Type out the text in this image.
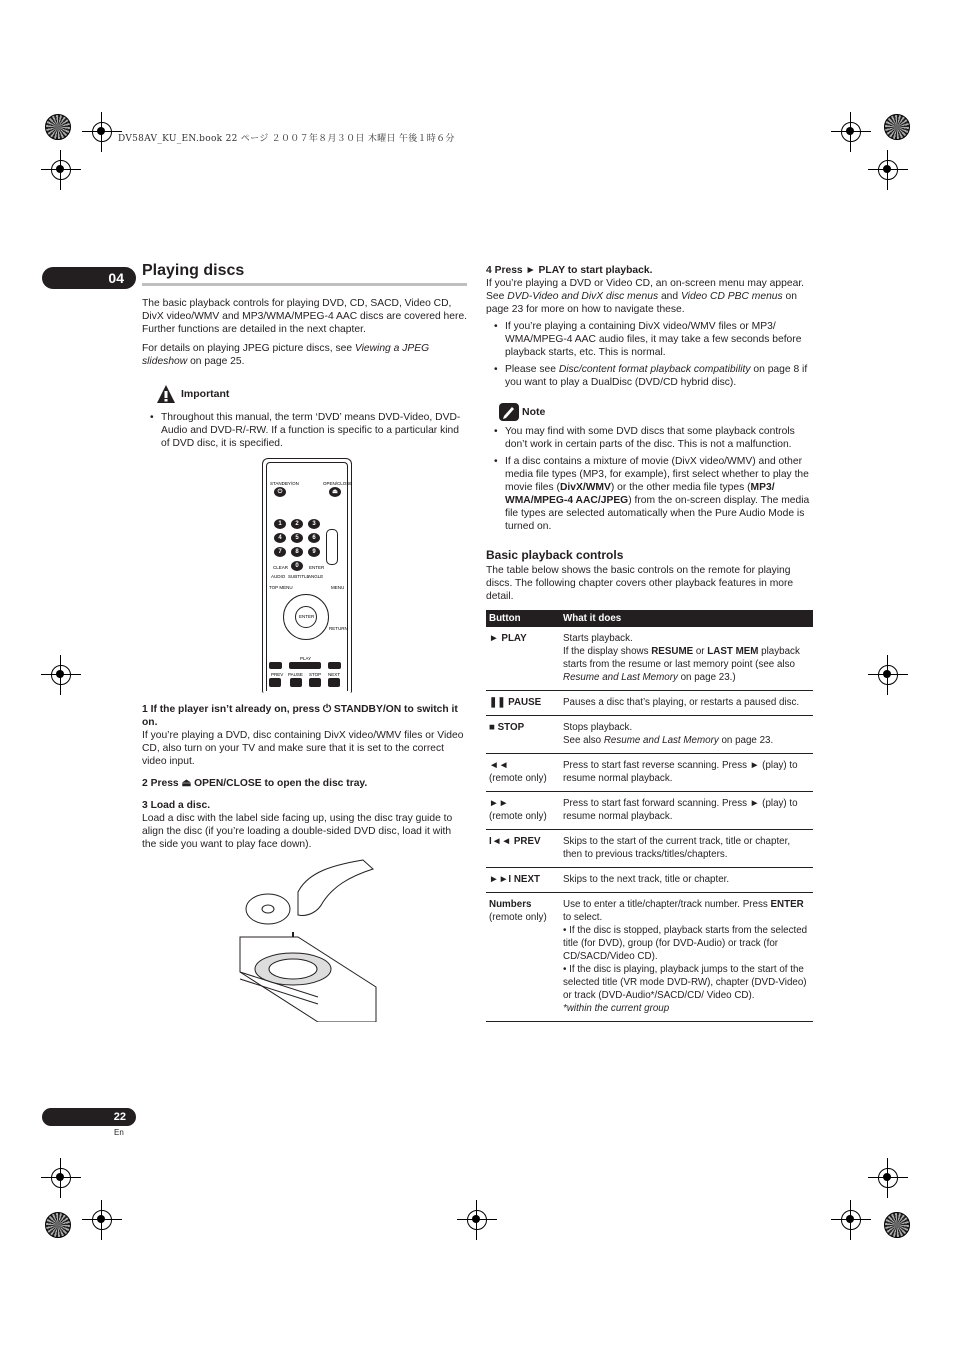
DV58AV_KU_EN.book 22 ページ ２００７年８月３０日 木曜日 午後１時６分
04	Playing discs

The basic playback controls for playing DVD, CD, SACD, Video CD, DivX video/WMV and MP3/WMA/MPEG-4 AAC discs are covered here. Further functions are detailed in the next chapter.

For details on playing JPEG picture discs, see Viewing a JPEG slideshow on page 25.

Important

• Throughout this manual, the term ‘DVD’ means DVD-Video, DVD-Audio and DVD-R/-RW. If a function is specific to a particular kind of DVD disc, it is specified.

STANDBY/ON	OPEN/CLOSE
⏻	⏏
1	2	3
4	5	6
7	8	9
0
CLEAR	ENTER
AUDIO SUBTITLE
ANGLE
TOP MENU	MENU
ENTER
RETURN
PLAY
PREV PAUSE STOP NEXT

1 If the player isn’t already on, press ⏻ STANDBY/ON to switch it on.

If you’re playing a DVD, disc containing DivX video/WMV files or Video CD, also turn on your TV and make sure that it is set to the correct video input.

2 Press ⏏ OPEN/CLOSE to open the disc tray.

3 Load a disc.

Load a disc with the label side facing up, using the disc tray guide to align the disc (if you’re loading a double-sided DVD disc, load it with the side you want to play face down).

4 Press ► PLAY to start playback.

If you’re playing a DVD or Video CD, an on-screen menu may appear. See DVD-Video and DivX disc menus and Video CD PBC menus on page 23 for more on how to navigate these.

• If you’re playing a containing DivX video/WMV files or MP3/ WMA/MPEG-4 AAC audio files, it may take a few seconds before playback starts, etc. This is normal.

• Please see Disc/content format playback compatibility on page 8 if you want to play a DualDisc (DVD/CD hybrid disc).

Note

• You may find with some DVD discs that some playback controls don’t work in certain parts of the disc. This is not a malfunction.

• If a disc contains a mixture of movie (DivX video/WMV) and other media file types (MP3, for example), first select whether to play the movie files (DivX/WMV) or the other media file types (MP3/ WMA/MPEG-4 AAC/JPEG) from the on-screen display. The media file types are selected automatically when the Pure Audio Mode is turned on.

Basic playback controls

The table below shows the basic controls on the remote for playing discs. The following chapter covers other playback features in more detail.

Button	What it does
► PLAY	Starts playback.
If the display shows RESUME or LAST MEM playback starts from the resume or last memory point (see also Resume and Last Memory on page 23.)
❚❚ PAUSE	Pauses a disc that’s playing, or restarts a paused disc.
■ STOP	Stops playback.
See also Resume and Last Memory on page 23.
◄◄
(remote only)	Press to start fast reverse scanning. Press ► (play) to resume normal playback.
►►
(remote only)	Press to start fast forward scanning. Press ► (play) to resume normal playback.
I◄◄ PREV	Skips to the start of the current track, title or chapter, then to previous tracks/titles/chapters.
►►I NEXT	Skips to the next track, title or chapter.
Numbers
(remote only)	Use to enter a title/chapter/track number. Press ENTER to select.
• If the disc is stopped, playback starts from the selected title (for DVD), group (for DVD-Audio) or track (for CD/SACD/Video CD).
• If the disc is playing, playback jumps to the start of the selected title (VR mode DVD-RW), chapter (DVD-Video) or track (DVD-Audio*/SACD/CD/ Video CD).
*within the current group
22
En
